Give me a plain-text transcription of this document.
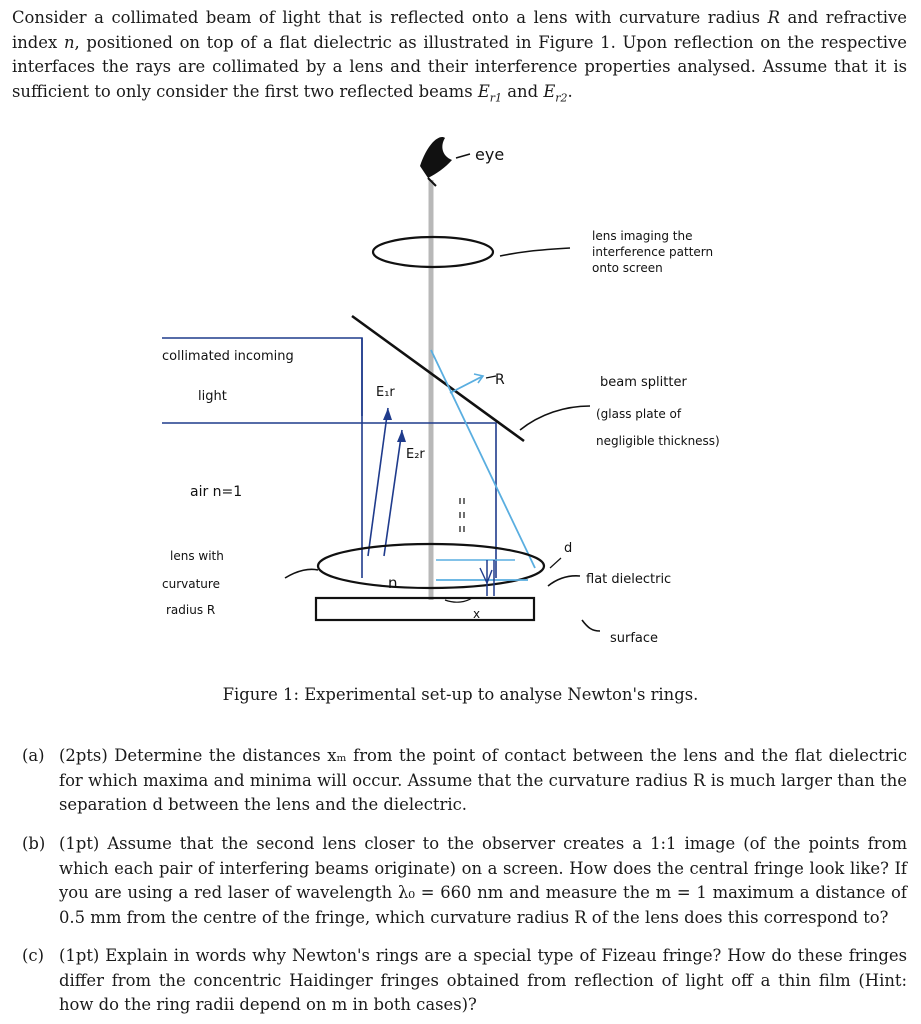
Consider a collimated beam of light that is reflected onto a lens with curvature radius R and refractive index n, positioned on top of a flat dielectric as illustrated in Figure 1. Upon reflection on the respective interfaces the rays are collimated by a lens and their interference properties analysed. Assume that it is sufficient to only consider the first two reflected beams $E_{r1}$ and $E_{r2}$.
eye
lens imaging the
interference pattern
onto screen
collimated incoming
light
beam splitter
(glass plate of
negligible thickness)
E₁r
E₂r
R
air n=1
lens with
curvature
radius R
n
x
d
flat dielectric
surface
Figure 1: Experimental set-up to analyse Newton's rings.
(a) (2pts) Determine the distances xₘ from the point of contact between the lens and the flat dielectric for which maxima and minima will occur. Assume that the curvature radius R is much larger than the separation d between the lens and the dielectric.
(b) (1pt) Assume that the second lens closer to the observer creates a 1:1 image (of the points from which each pair of interfering beams originate) on a screen. How does the central fringe look like? If you are using a red laser of wavelength λ₀ = 660 nm and measure the m = 1 maximum a distance of 0.5 mm from the centre of the fringe, which curvature radius R of the lens does this correspond to?
(c) (1pt) Explain in words why Newton's rings are a special type of Fizeau fringe? How do these fringes differ from the concentric Haidinger fringes obtained from reflection of light off a thin film (Hint: how do the ring radii depend on m in both cases)?
